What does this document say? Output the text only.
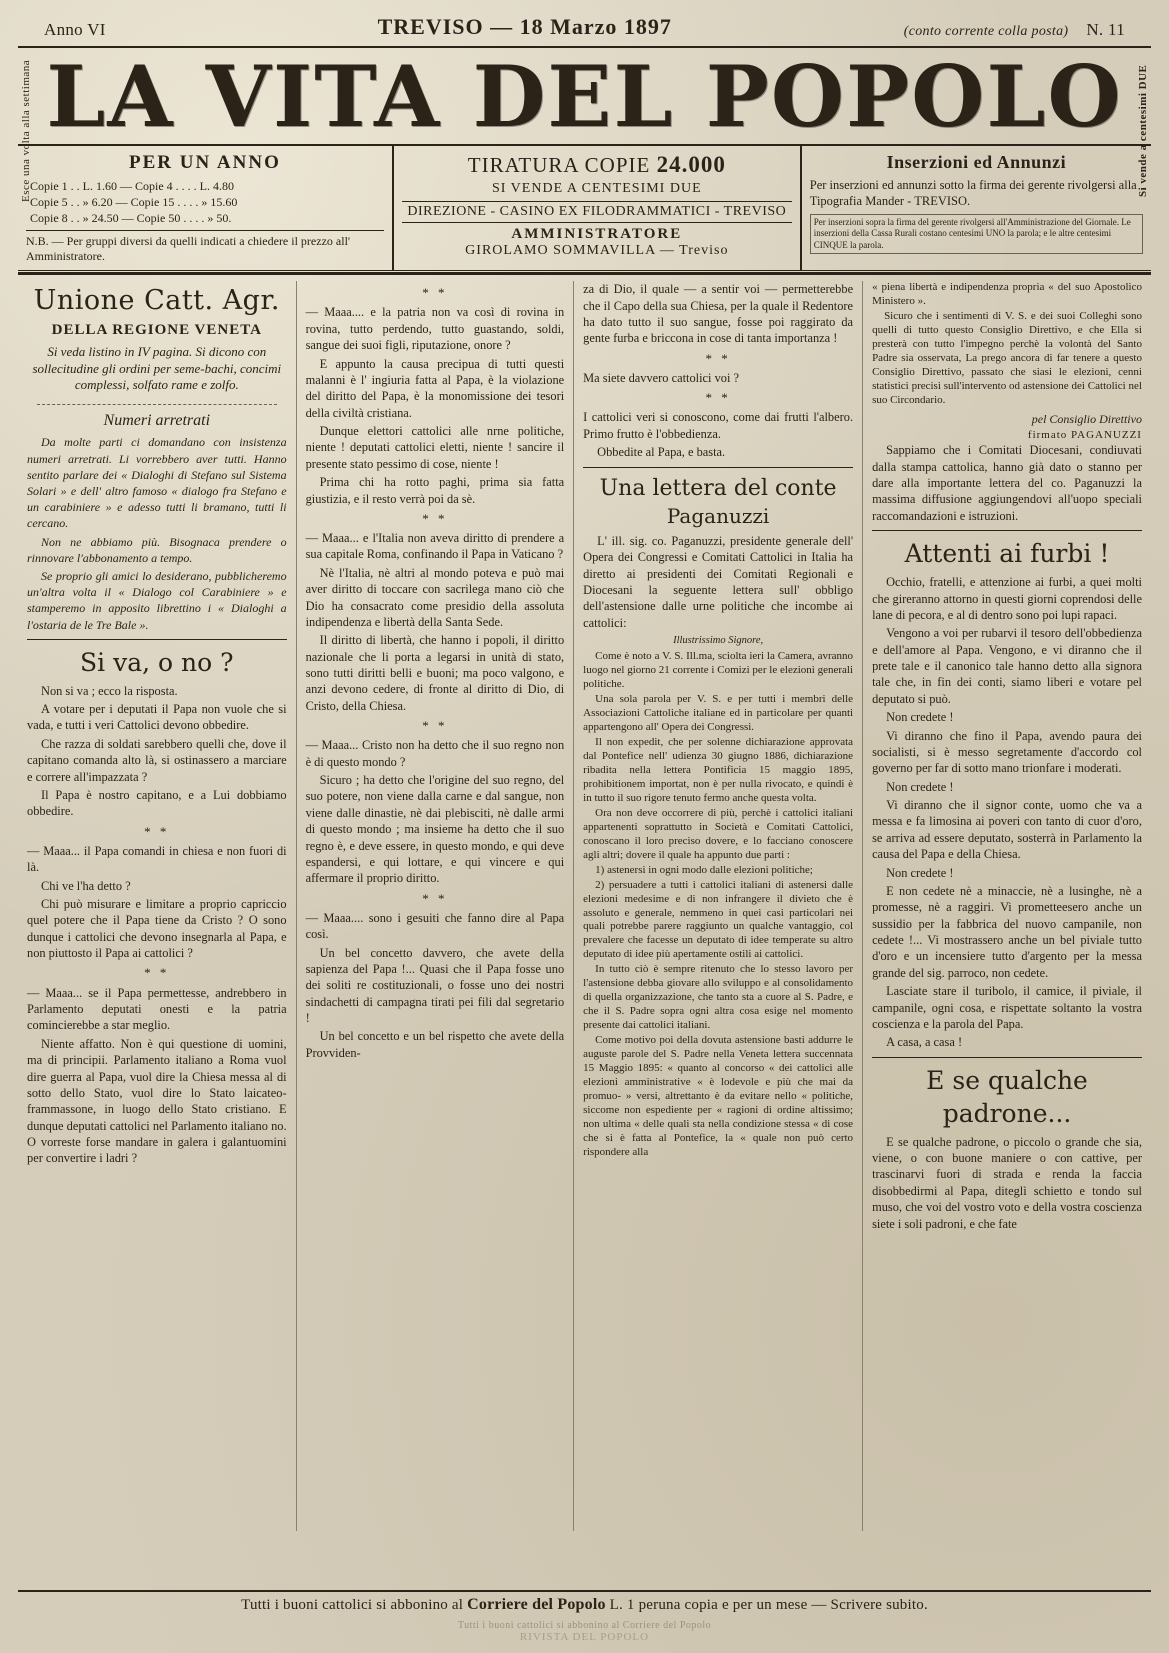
Anno VI	TREVISO — 18 Marzo 1897	(conto corrente colla posta) N. 11
Esce una volta alla settimana	Si vende a centesimi DUE
LA VITA DEL POPOLO
PER UN ANNO
Copie 1 . . L. 1.60 — Copie 4 . . . . L. 4.80
Copie 5 . . » 6.20 — Copie 15 . . . . » 15.60
Copie 8 . . » 24.50 — Copie 50 . . . . » 50.
N.B. — Per gruppi diversi da quelli indicati a chiedere il prezzo all' Amministratore.
TIRATURA COPIE 24.000
SI VENDE A CENTESIMI DUE
DIREZIONE - CASINO EX FILODRAMMATICI - TREVISO
AMMINISTRATORE
GIROLAMO SOMMAVILLA — Treviso
Inserzioni ed Annunzi
Per inserzioni ed annunzi sotto la firma dei gerente rivolgersi alla Tipografia Mander - TREVISO.
Per inserzioni sopra la firma del gerente rivolgersi all'Amministrazione del Giornale. Le inserzioni della Cassa Rurali costano centesimi UNO la parola; e le altre centesimi CINQUE la parola.
Unione Catt. Agr.
DELLA REGIONE VENETA
Si veda listino in IV pagina. Si dicono con sollecitudine gli ordini per seme-bachi, concimi complessi, solfato rame e zolfo.
Numeri arretrati

Da molte parti ci domandano con insistenza numeri arretrati. Li vorrebbero aver tutti. Hanno sentito parlare dei « Dialoghi di Stefano sul Sistema Solari » e dell' altro famoso « dialogo fra Stefano e un carabiniere » e adesso tutti li bramano, tutti li cercano.

Non ne abbiamo più. Bisognaca prendere o rinnovare l'abbonamento a tempo.

Se proprio gli amici lo desiderano, pubblicheremo un'altra volta il « Dialogo col Carabiniere » e stamperemo in apposito librettino i « Dialoghi a l'ostaria de le Tre Bale ».

Si va, o no ?

Non si va ; ecco la risposta.

A votare per i deputati il Papa non vuole che si vada, e tutti i veri Cattolici devono obbedire.

Che razza di soldati sarebbero quelli che, dove il capitano comanda alto là, si ostinassero a marciare e correre all'impazzata ?

Il Papa è nostro capitano, e a Lui dobbiamo obbedire.

* *

— Maaa... il Papa comandi in chiesa e non fuori di là.

Chi ve l'ha detto ?

Chi può misurare e limitare a proprio capriccio quel potere che il Papa tiene da Cristo ? O sono dunque i cattolici che devono insegnarla al Papa, e non piuttosto il Papa ai cattolici ?

* *

— Maaa... se il Papa permettesse, andrebbero in Parlamento deputati onesti e la patria comincierebbe a star meglio.

Niente affatto. Non è qui questione di uomini, ma di principii. Parlamento italiano a Roma vuol dire guerra al Papa, vuol dire la Chiesa messa al di sotto dello Stato, vuol dire lo Stato laicateo-frammassone, in luogo dello Stato cristiano. E dunque deputati cattolici nel Parlamento italiano no. O vorreste forse mandare in galera i galantuomini per convertire i ladri ?

* *

— Maaa.... e la patria non va così di rovina in rovina, tutto perdendo, tutto guastando, soldi, sangue dei suoi figli, riputazione, onore ?

E appunto la causa precipua di tutti questi malanni è l' ingiuria fatta al Papa, è la violazione del diritto del Papa, è la monomissione dei tesori della civiltà cristiana.

Dunque elettori cattolici alle nrne politiche, niente ! deputati cattolici eletti, niente ! sancire il presente stato pessimo di cose, niente !

Prima chi ha rotto paghi, prima sia fatta giustizia, e il resto verrà poi da sè.

* *

— Maaa... e l'Italia non aveva diritto di prendere a sua capitale Roma, confinando il Papa in Vaticano ?

Nè l'Italia, nè altri al mondo poteva e può mai aver diritto di toccare con sacrilega mano ciò che Dio ha consacrato come presidio della assoluta indipendenza e libertà della Santa Sede.

Il diritto di libertà, che hanno i popoli, il diritto nazionale che li porta a legarsi in unità di stato, sono tutti diritti belli e buoni; ma poco valgono, e anzi devono cedere, di fronte al diritto di Dio, di Cristo, della Chiesa.

* *

— Maaa... Cristo non ha detto che il suo regno non è di questo mondo ?

Sicuro ; ha detto che l'origine del suo regno, del suo potere, non viene dalla carne e dal sangue, non viene dalle dinastie, nè dai plebisciti, nè dalle armi di questo mondo ; ma insieme ha detto che il suo regno è, e deve essere, in questo mondo, e qui deve espandersi, e qui lottare, e qui vincere e qui affermare il proprio diritto.

* *

— Maaa.... sono i gesuiti che fanno dire al Papa così.

Un bel concetto davvero, che avete della sapienza del Papa !... Quasi che il Papa fosse uno dei soliti re costituzionali, o fosse uno dei nostri sindachetti di campagna tirati pei fili dal segretario !

Un bel concetto e un bel rispetto che avete della Provviden-

za di Dio, il quale — a sentir voi — permetterebbe che il Capo della sua Chiesa, per la quale il Redentore ha dato tutto il suo sangue, fosse poi raggirato da gente furba e briccona in cose di tanta importanza !

* *

Ma siete davvero cattolici voi ?

* *

I cattolici veri si conoscono, come dai frutti l'albero. Primo frutto è l'obbedienza.

Obbedite al Papa, e basta.

Una lettera del conte
Paganuzzi

L' ill. sig. co. Paganuzzi, presidente generale dell' Opera dei Congressi e Comitati Cattolici in Italia ha diretto ai presidenti dei Comitati Regionali e Diocesani la seguente lettera sull' obbligo dell'astensione dalle urne politiche che incombe ai cattolici:

Illustrissimo Signore,

Come è noto a V. S. Ill.ma, sciolta ieri la Camera, avranno luogo nel giorno 21 corrente i Comizi per le elezioni generali politiche.

Una sola parola per V. S. e per tutti i membri delle Associazioni Cattoliche italiane ed in particolare per quanti appartengono all' Opera dei Congressi.

Il non expedit, che per solenne dichiarazione approvata dal Pontefice nell' udienza 30 giugno 1886, dichiarazione ribadita nella lettera Pontificia 15 maggio 1895, prohibitionem importat, non è per nulla rivocato, e quindi è in tutto il suo rigore tenuto fermo anche questa volta.

Ora non deve occorrere di più, perchè i cattolici italiani appartenenti soprattutto in Società e Comitati Cattolici, conoscano il loro preciso dovere, e lo facciano conoscere agli altri; dovere il quale ha appunto due parti :

1) astenersi in ogni modo dalle elezioni politiche;

2) persuadere a tutti i cattolici italiani di astenersi dalle elezioni medesime e di non infrangere il divieto che è assoluto e generale, nemmeno in quei casi particolari nei quali potrebbe parere raggiunto un qualche vantaggio, col prevalere che facesse un deputato di idee temperate su altro deputato di idee più apertamente ostili ai cattolici.

In tutto ciò è sempre ritenuto che lo stesso lavoro per l'astensione debba giovare allo sviluppo e al consolidamento di quella organizzazione, che tanto sta a cuore al S. Padre, e che il S. Padre sopra ogni altra cosa esige nel momento presente dai cattolici italiani.

Come motivo poi della dovuta astensione basti addurre le auguste parole del S. Padre nella Veneta lettera succennata 15 Maggio 1895: « quanto al concorso « dei cattolici alle elezioni amministrative « è lodevole e più che mai da promuo- » versi, altrettanto è da evitare nello « politiche, siccome non espediente per « ragioni di ordine altissimo; non ultima « delle quali sta nella condizione stessa « di cose che si è fatta al Pontefice, la « quale non può certo rispondere alla

« piena libertà e indipendenza propria « del suo Apostolico Ministero ».

Sicuro che i sentimenti di V. S. e dei suoi Colleghi sono quelli di tutto questo Consiglio Direttivo, e che Ella si presterà con tutto l'impegno perchè la volontà del Santo Padre sia osservata, La prego ancora di far tenere a questo Consiglio Direttivo, passato che siasi le elezioni, cenni statistici precisi sull'intervento od astensione dei Cattolici nel suo Circondario.

pel Consiglio Direttivo
firmato PAGANUZZI

Sappiamo che i Comitati Diocesani, condiuvati dalla stampa cattolica, hanno già dato o stanno per dare alla importante lettera del co. Paganuzzi la massima diffusione aggiungendovi all'uopo speciali raccomandazioni e istruzioni.

Attenti ai furbi !

Occhio, fratelli, e attenzione ai furbi, a quei molti che gireranno attorno in questi giorni coprendosi delle lane di pecora, e al di dentro sono poi lupi rapaci.

Vengono a voi per rubarvi il tesoro dell'obbedienza e dell'amore al Papa. Vengono, e vi diranno che il prete tale e il canonico tale hanno detto alla signora tale che, in fin dei conti, siamo liberi e votare pel deputato si può.

Non credete !

Vi diranno che fino il Papa, avendo paura dei socialisti, si è messo segretamente d'accordo col governo per far di sotto mano trionfare i moderati.

Non credete !

Vi diranno che il signor conte, uomo che va a messa e fa limosina ai poveri con tanto di cuor d'oro, se arriva ad essere deputato, sosterrà in Parlamento la causa del Papa e della Chiesa.

Non credete !

E non cedete nè a minaccie, nè a lusinghe, nè a promesse, nè a raggiri. Vi prometteesero anche un sussidio per la fabbrica del nuovo campanile, non cedete !... Vi mostrassero anche un bel piviale tutto d'oro e un incensiere tutto d'argento per la messa grande del sig. parroco, non cedete.

Lasciate stare il turibolo, il camice, il piviale, il campanile, ogni cosa, e rispettate soltanto la vostra coscienza e la parola del Papa.

A casa, a casa !

E se qualche padrone...

E se qualche padrone, o piccolo o grande che sia, viene, o con buone maniere o con cattive, per trascinarvi fuori di strada e renda la faccia disobbedirmi al Papa, diteglì schietto e tondo sul muso, che voi del vostro voto e della vostra coscienza siete i soli padroni, e che fate

Tutti i buoni cattolici si abbonino al Corriere del Popolo L. 1 peruna copia e per un mese — Scrivere subito.
Tutti i buoni cattolici si abbonino al Corriere del Popolo
RIVISTA DEL POPOLO
